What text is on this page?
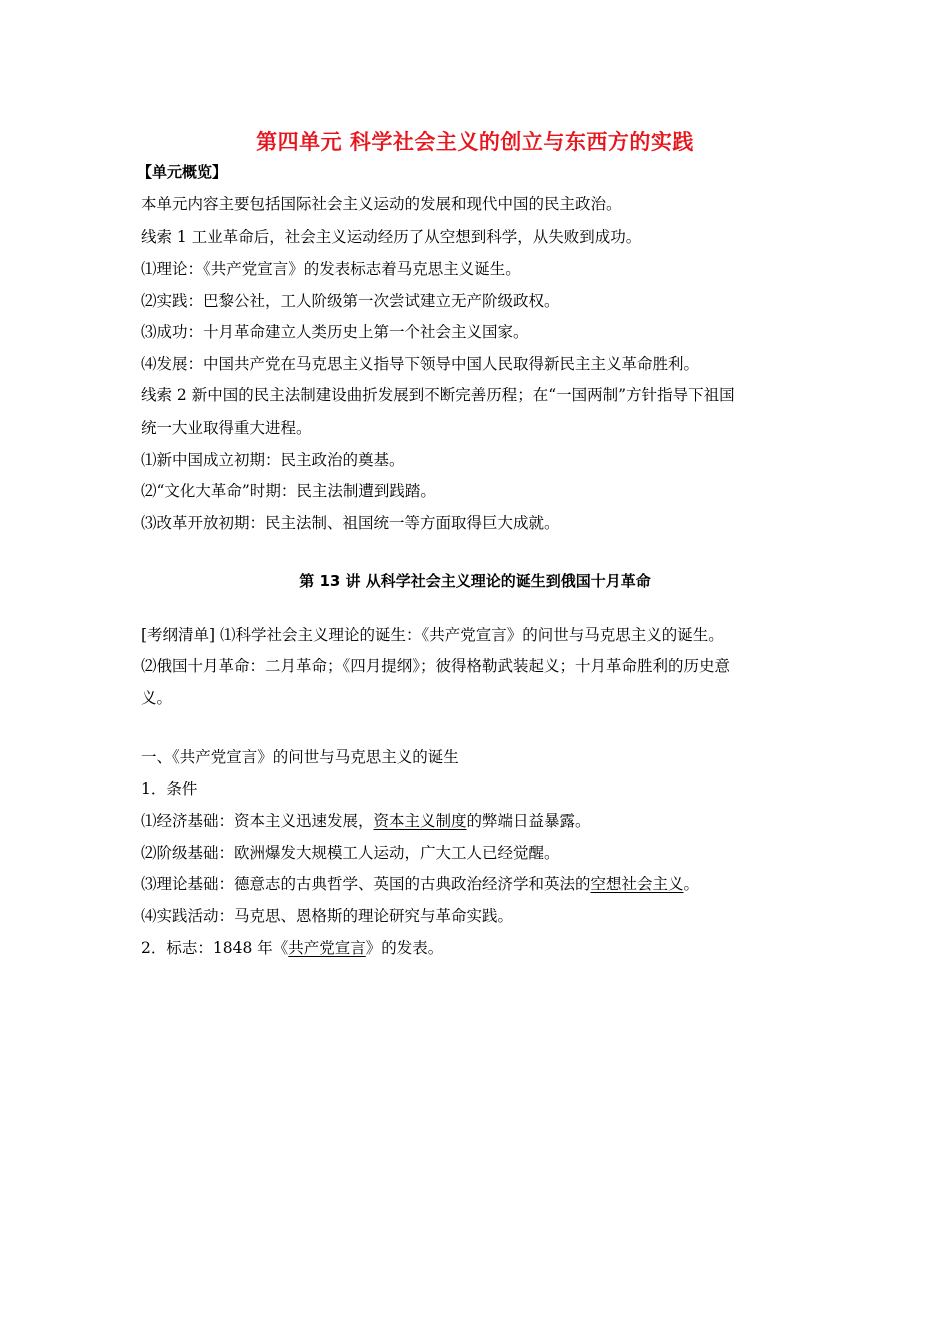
第四单元 科学社会主义的创立与东西方的实践
【单元概览】
本单元内容主要包括国际社会主义运动的发展和现代中国的民主政治。
线索 1 工业革命后，社会主义运动经历了从空想到科学，从失败到成功。
⑴理论：《共产党宣言》的发表标志着马克思主义诞生。
⑵实践：巴黎公社，工人阶级第一次尝试建立无产阶级政权。
⑶成功：十月革命建立人类历史上第一个社会主义国家。
⑷发展：中国共产党在马克思主义指导下领导中国人民取得新民主主义革命胜利。
线索 2 新中国的民主法制建设曲折发展到不断完善历程；在“一国两制”方针指导下祖国
统一大业取得重大进程。
⑴新中国成立初期：民主政治的奠基。
⑵“文化大革命”时期：民主法制遭到践踏。
⑶改革开放初期：民主法制、祖国统一等方面取得巨大成就。
第 13 讲 从科学社会主义理论的诞生到俄国十月革命
[考纲清单] ⑴科学社会主义理论的诞生：《共产党宣言》的问世与马克思主义的诞生。
⑵俄国十月革命：二月革命；《四月提纲》；彼得格勒武装起义；十月革命胜利的历史意
义。
一、《共产党宣言》的问世与马克思主义的诞生
1．条件
⑴经济基础：资本主义迅速发展，资本主义制度的弊端日益暴露。
⑵阶级基础：欧洲爆发大规模工人运动，广大工人已经觉醒。
⑶理论基础：德意志的古典哲学、英国的古典政治经济学和英法的空想社会主义。
⑷实践活动：马克思、恩格斯的理论研究与革命实践。
2．标志：1848 年《共产党宣言》的发表。
